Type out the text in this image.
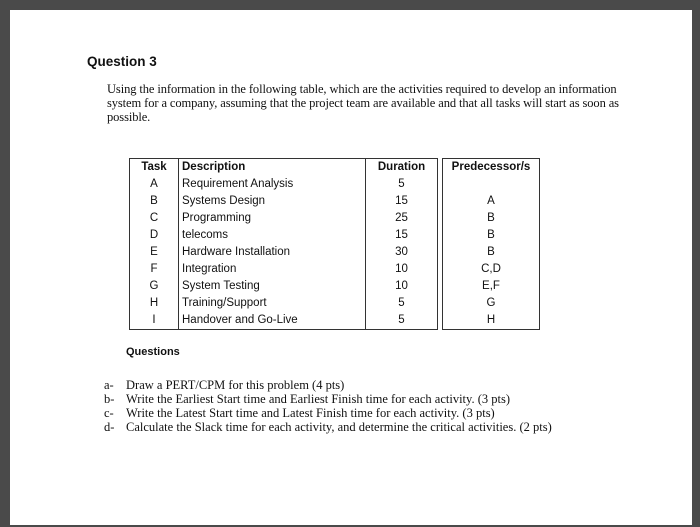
Question 3
Using the information in the following table, which are the activities required to develop an information system for a company, assuming that the project team are available and that all tasks will start as soon as possible.
Task	Description	Duration		Predecessor/s
A	Requirement Analysis	5		
B	Systems Design	15		A
C	Programming	25		B
D	telecoms	15		B
E	Hardware Installation	30		B
F	Integration	10		C,D
G	System Testing	10		E,F
H	Training/Support	5		G
I	Handover and Go-Live	5		H
Questions
a- Draw a PERT/CPM for this problem (4 pts)
b- Write the Earliest Start time and Earliest Finish time for each activity. (3 pts)
c- Write the Latest Start time and Latest Finish time for each activity. (3 pts)
d- Calculate the Slack time for each activity, and determine the critical activities. (2 pts)
